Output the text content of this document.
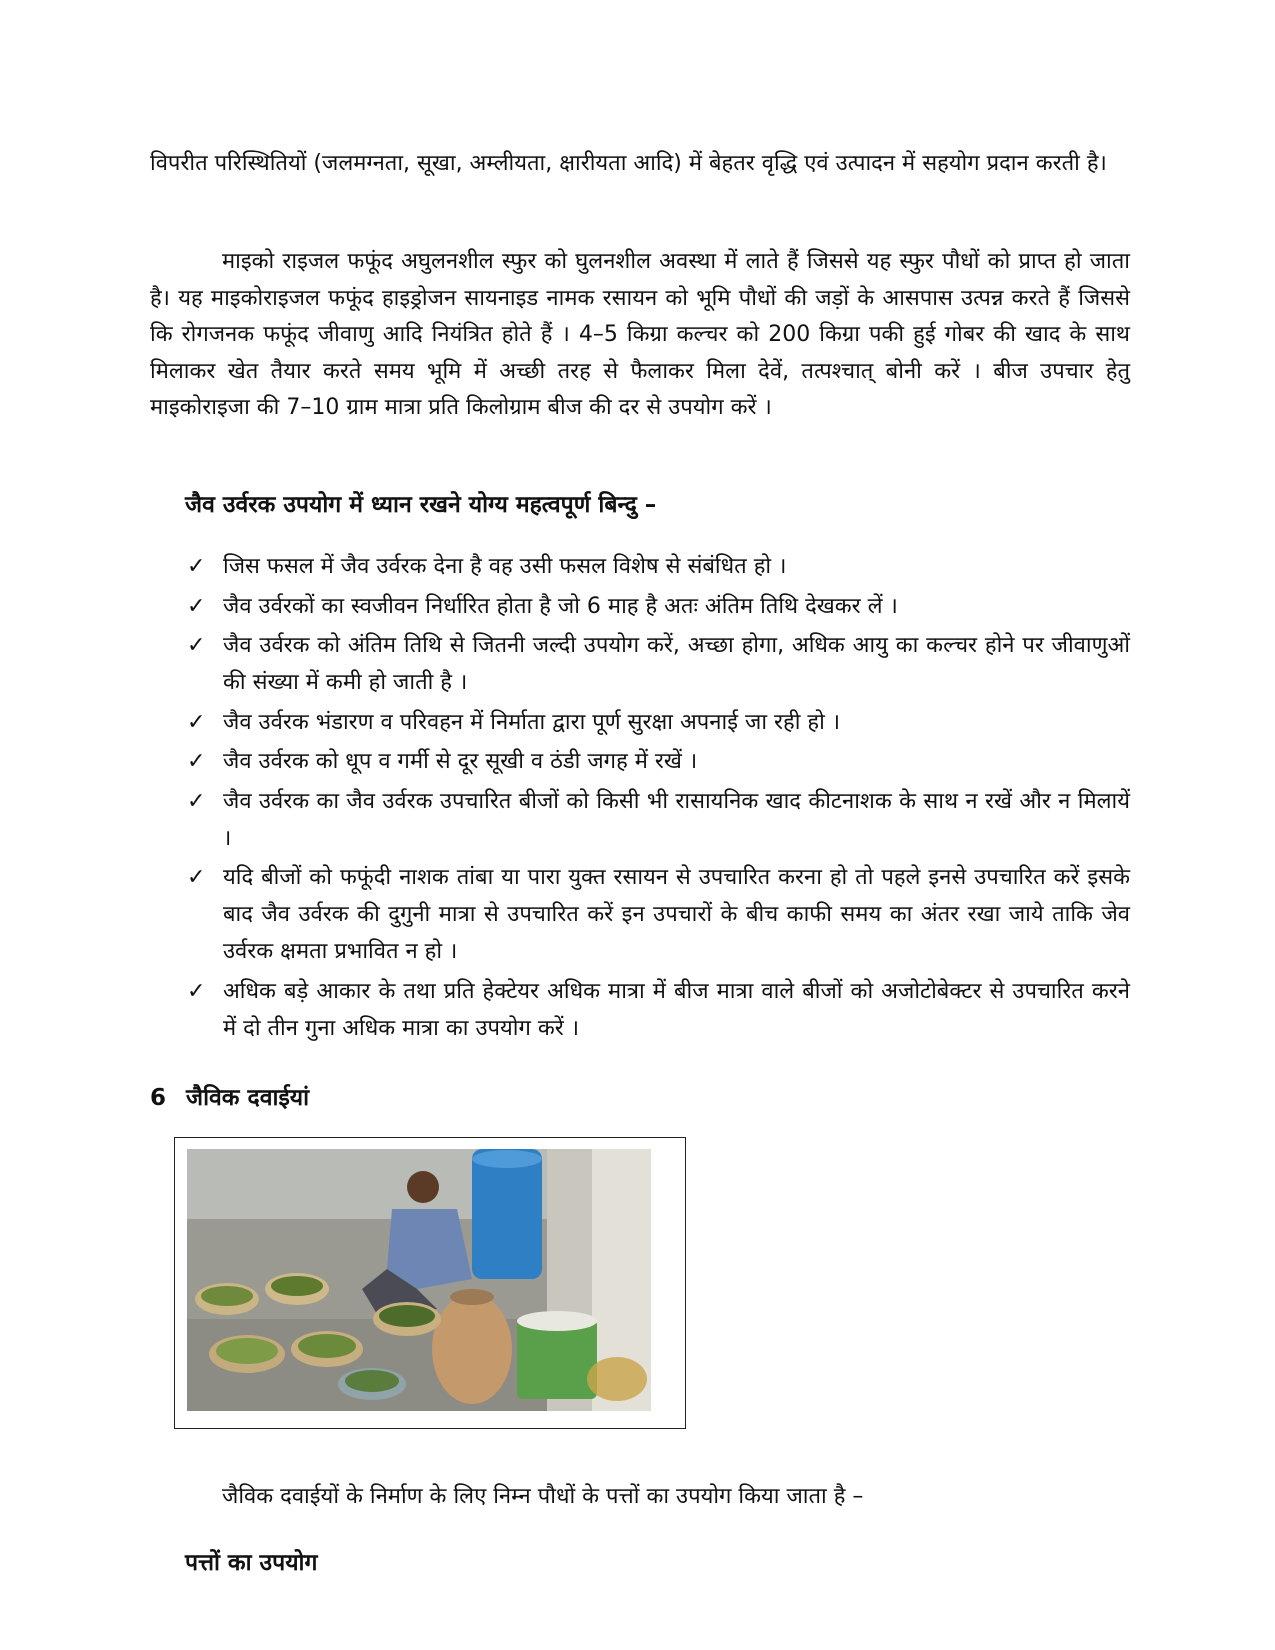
विपरीत परिस्थितियों (जलमग्नता, सूखा, अम्लीयता, क्षारीयता आदि) में बेहतर वृद्धि एवं उत्पादन में सहयोग प्रदान करती है।

माइको राइजल फफूंद अघुलनशील स्फुर को घुलनशील अवस्था में लाते हैं जिससे यह स्फुर पौधों को प्राप्त हो जाता है। यह माइकोराइजल फफूंद हाइड्रोजन सायनाइड नामक रसायन को भूमि पौधों की जड़ों के आसपास उत्पन्न करते हैं जिससे कि रोगजनक फफूंद जीवाणु आदि नियंत्रित होते हैं । 4–5 किग्रा कल्चर को 200 किग्रा पकी हुई गोबर की खाद के साथ मिलाकर खेत तैयार करते समय भूमि में अच्छी तरह से फैलाकर मिला देवें, तत्पश्चात् बोनी करें । बीज उपचार हेतु माइकोराइजा की 7–10 ग्राम मात्रा प्रति किलोग्राम बीज की दर से उपयोग करें ।

जैव उर्वरक उपयोग में ध्यान रखने योग्य महत्वपूर्ण बिन्दु –
✓ जिस फसल में जैव उर्वरक देना है वह उसी फसल विशेष से संबंधित हो ।
✓ जैव उर्वरकों का स्वजीवन निर्धारित होता है जो 6 माह है अतः अंतिम तिथि देखकर लें ।
✓ जैव उर्वरक को अंतिम तिथि से जितनी जल्दी उपयोग करें, अच्छा होगा, अधिक आयु का कल्चर होने पर जीवाणुओं की संख्या में कमी हो जाती है ।
✓ जैव उर्वरक भंडारण व परिवहन में निर्माता द्वारा पूर्ण सुरक्षा अपनाई जा रही हो ।
✓ जैव उर्वरक को धूप व गर्मी से दूर सूखी व ठंडी जगह में रखें ।
✓ जैव उर्वरक का जैव उर्वरक उपचारित बीजों को किसी भी रासायनिक खाद कीटनाशक के साथ न रखें और न मिलायें ।
✓ यदि बीजों को फफूंदी नाशक तांबा या पारा युक्त रसायन से उपचारित करना हो तो पहले इनसे उपचारित करें इसके बाद जैव उर्वरक की दुगुनी मात्रा से उपचारित करें इन उपचारों के बीच काफी समय का अंतर रखा जाये ताकि जेव उर्वरक क्षमता प्रभावित न हो ।
✓ अधिक बड़े आकार के तथा प्रति हेक्टेयर अधिक मात्रा में बीज मात्रा वाले बीजों को अजोटोबेक्टर से उपचारित करने में दो तीन गुना अधिक मात्रा का उपयोग करें ।
6 जैविक दवाईयां

जैविक दवाईयों के निर्माण के लिए निम्न पौधों के पत्तों का उपयोग किया जाता है –

पत्तों का उपयोग
